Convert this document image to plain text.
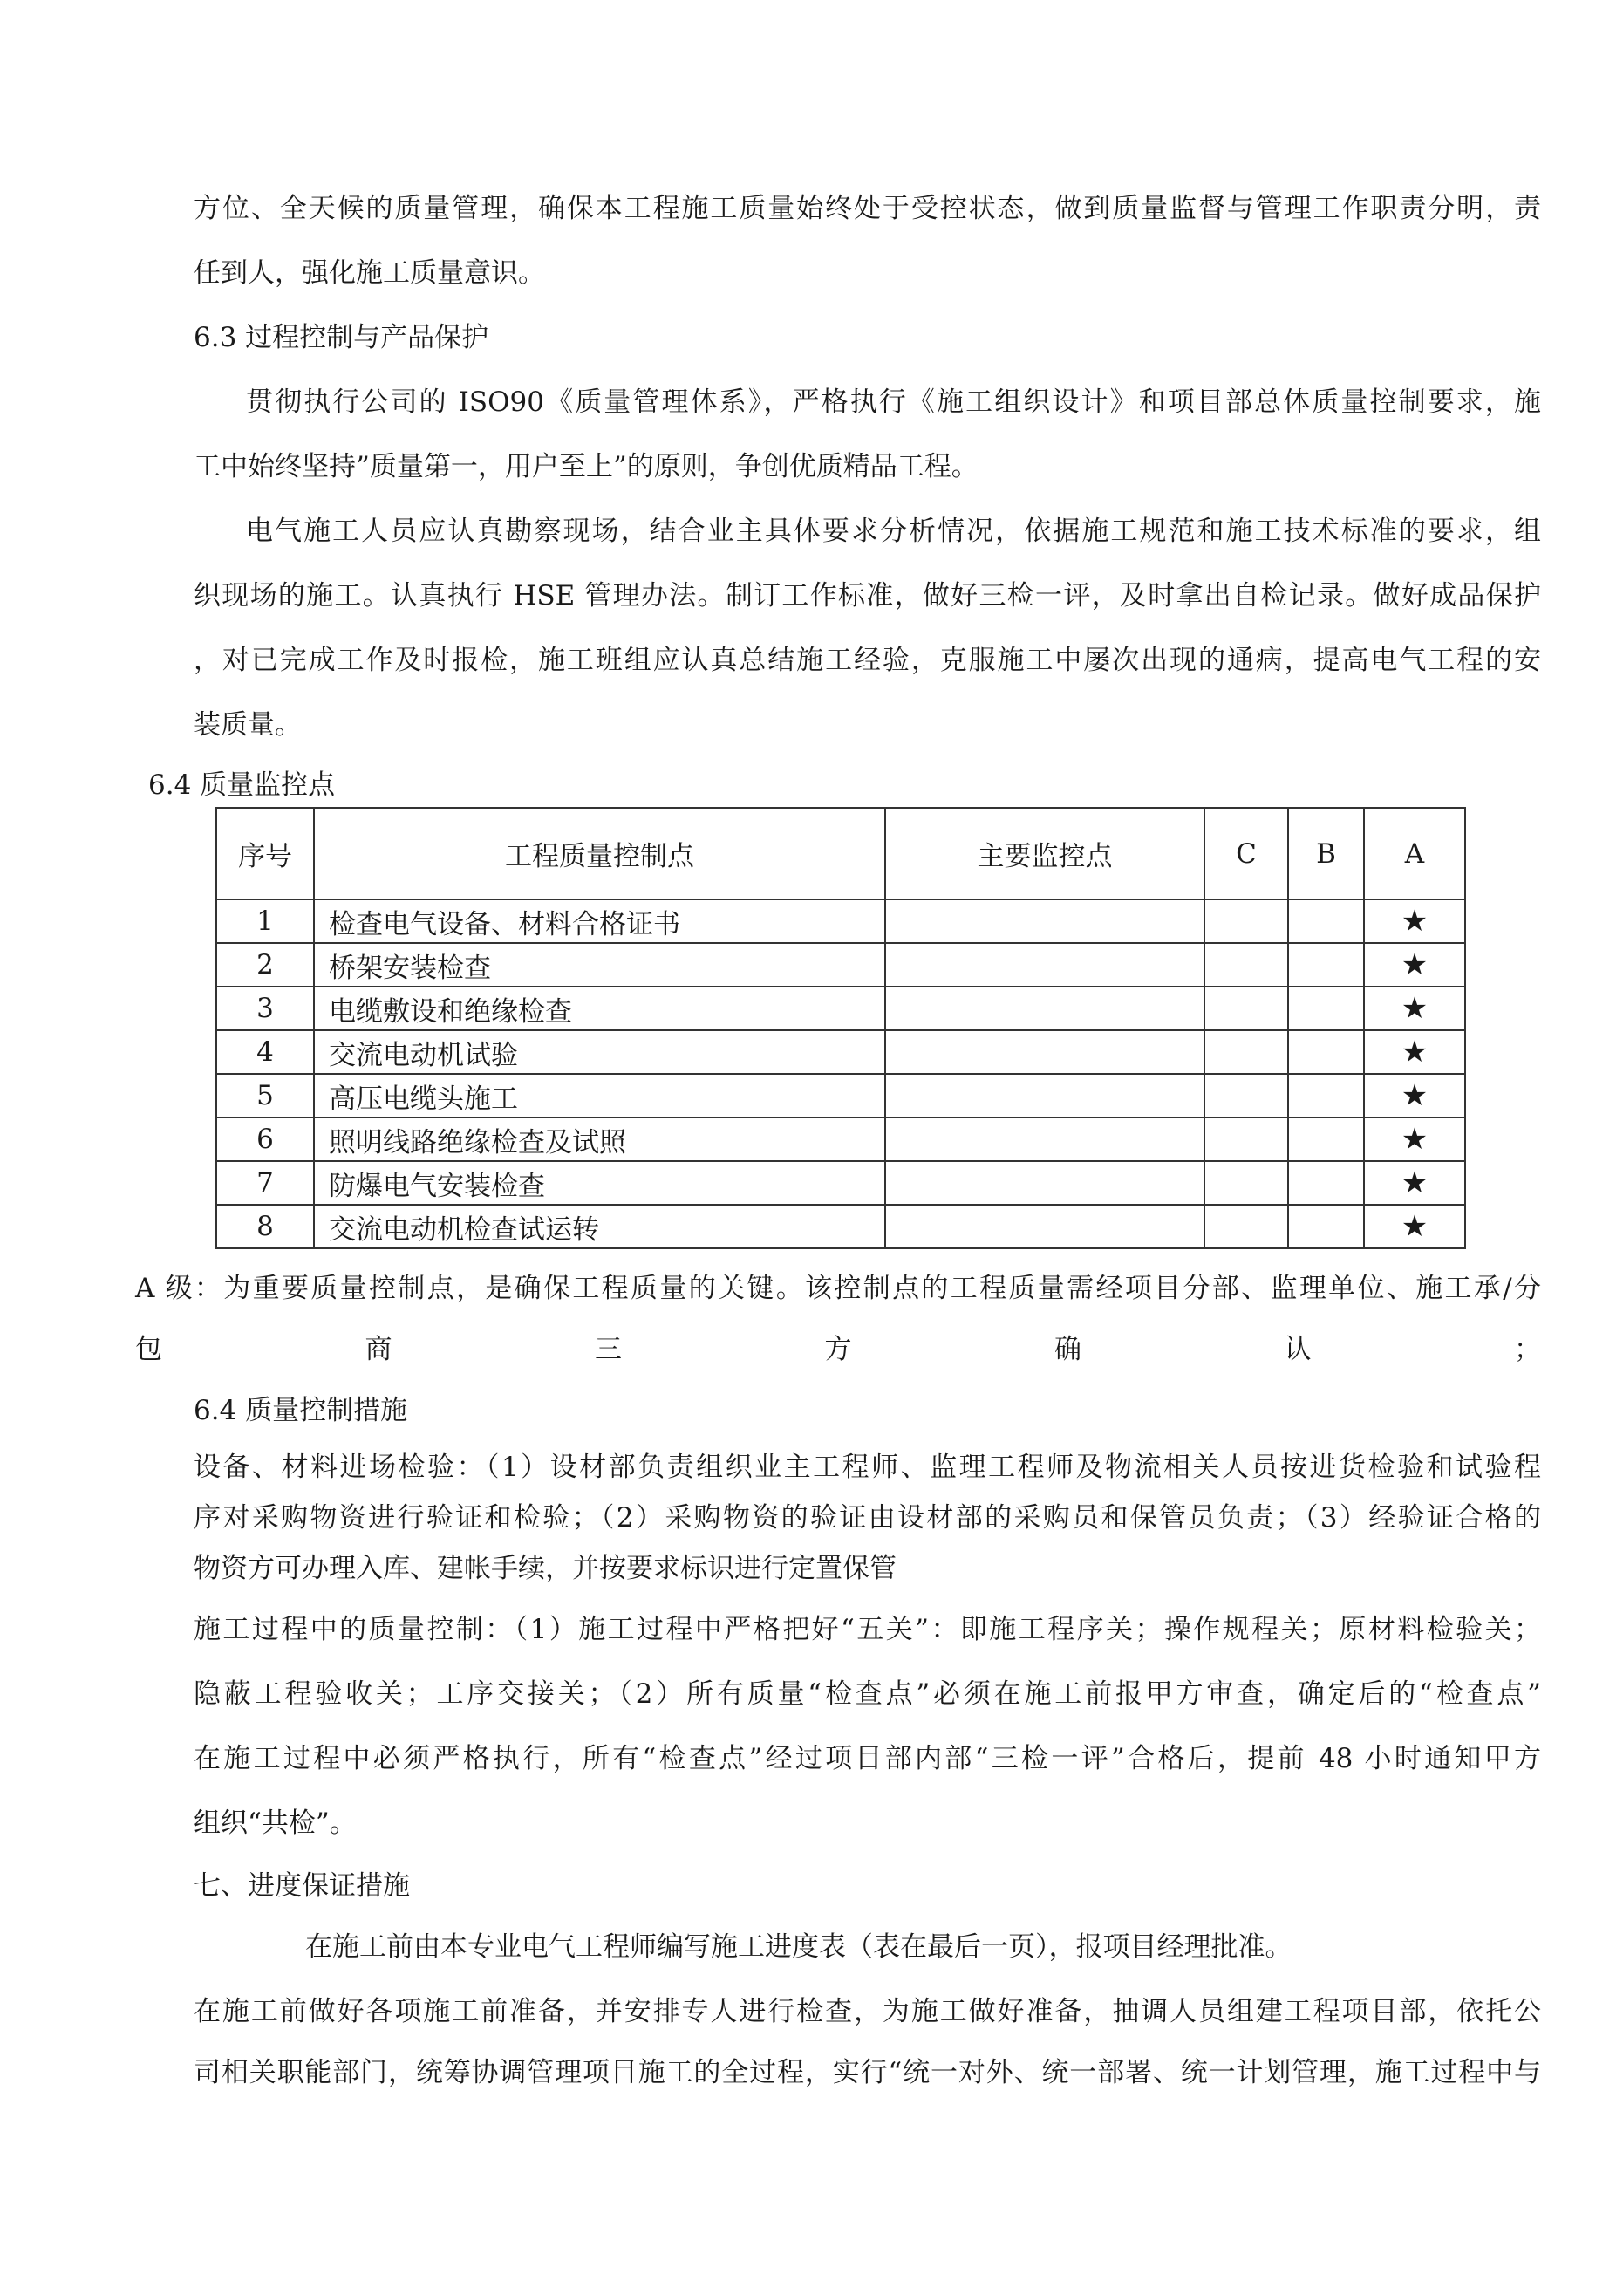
方位、全天候的质量管理，确保本工程施工质量始终处于受控状态，做到质量监督与管理工作职责分明，责
任到人，强化施工质量意识。
6.3 过程控制与产品保护
贯彻执行公司的 ISO90《质量管理体系》，严格执行《施工组织设计》和项目部总体质量控制要求，施
工中始终坚持”质量第一，用户至上”的原则，争创优质精品工程。
电气施工人员应认真勘察现场，结合业主具体要求分析情况，依据施工规范和施工技术标准的要求，组
织现场的施工。认真执行 HSE 管理办法。制订工作标准，做好三检一评，及时拿出自检记录。做好成品保护
，对已完成工作及时报检，施工班组应认真总结施工经验，克服施工中屡次出现的通病，提高电气工程的安
装质量。
6.4 质量监控点
序号	工程质量控制点	主要监控点	C	B	A
1	检查电气设备、材料合格证书				★
2	桥架安装检查				★
3	电缆敷设和绝缘检查				★
4	交流电动机试验				★
5	高压电缆头施工				★
6	照明线路绝缘检查及试照				★
7	防爆电气安装检查				★
8	交流电动机检查试运转				★
A 级：为重要质量控制点，是确保工程质量的关键。该控制点的工程质量需经项目分部、监理单位、施工承/分
包商三方确认；
6.4 质量控制措施
设备、材料进场检验：（1）设材部负责组织业主工程师、监理工程师及物流相关人员按进货检验和试验程
序对采购物资进行验证和检验；（2）采购物资的验证由设材部的采购员和保管员负责；（3）经验证合格的
物资方可办理入库、建帐手续，并按要求标识进行定置保管
施工过程中的质量控制：（1）施工过程中严格把好“五关”：即施工程序关；操作规程关；原材料检验关；
隐蔽工程验收关；工序交接关；（2）所有质量“检查点”必须在施工前报甲方审查，确定后的“检查点”
在施工过程中必须严格执行，所有“检查点”经过项目部内部“三检一评”合格后，提前 48 小时通知甲方
组织“共检”。
七、进度保证措施
在施工前由本专业电气工程师编写施工进度表（表在最后一页），报项目经理批准。
在施工前做好各项施工前准备，并安排专人进行检查，为施工做好准备，抽调人员组建工程项目部，依托公
司相关职能部门，统筹协调管理项目施工的全过程，实行“统一对外、统一部署、统一计划管理，施工过程中与
